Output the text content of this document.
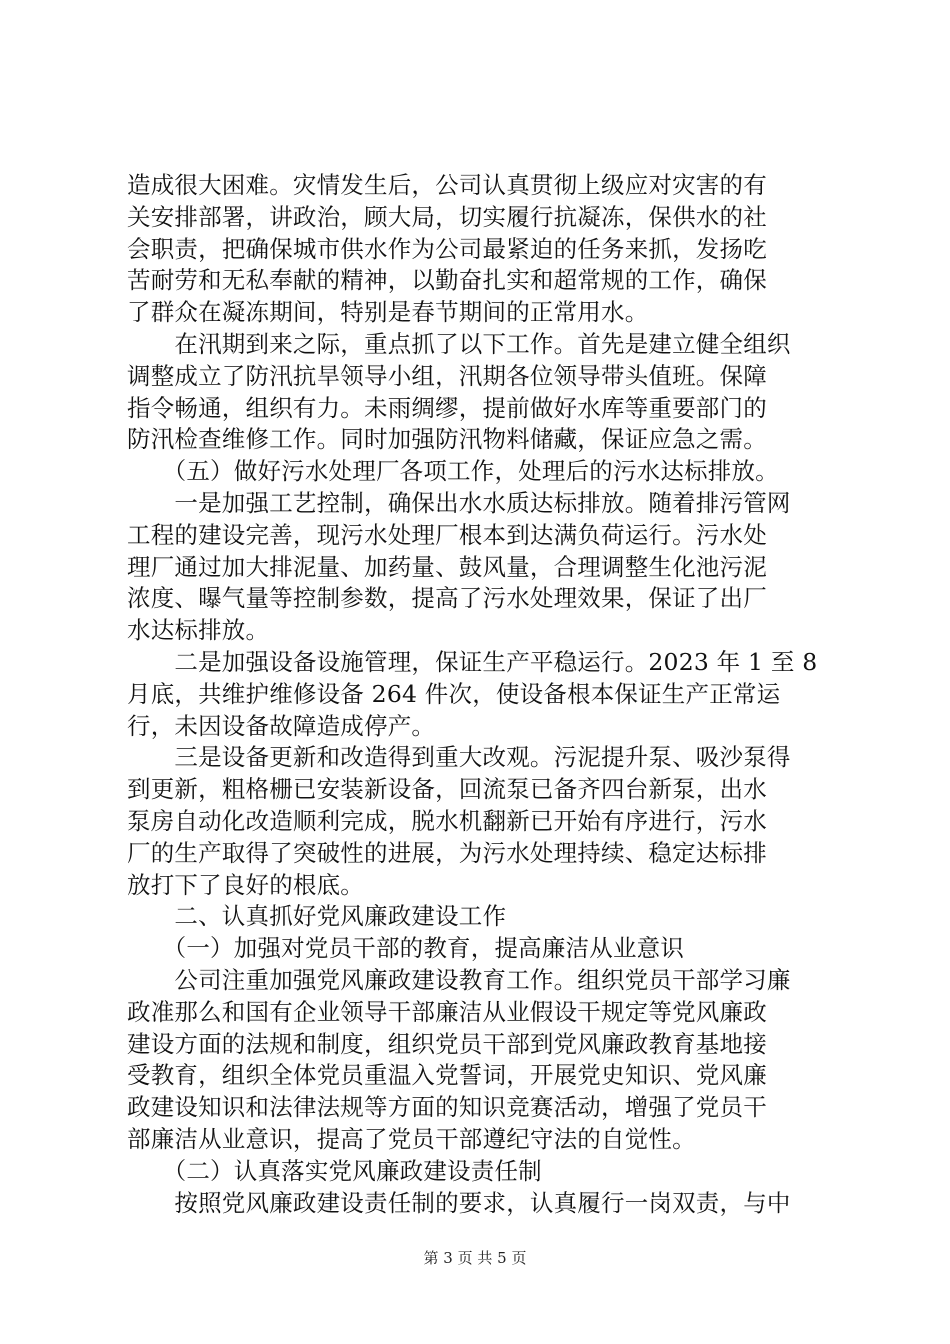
造成很大困难。灾情发生后，公司认真贯彻上级应对灾害的有
关安排部署，讲政治，顾大局，切实履行抗凝冻，保供水的社
会职责，把确保城市供水作为公司最紧迫的任务来抓，发扬吃
苦耐劳和无私奉献的精神，以勤奋扎实和超常规的工作，确保
了群众在凝冻期间，特别是春节期间的正常用水。
　　在汛期到来之际，重点抓了以下工作。首先是建立健全组织
调整成立了防汛抗旱领导小组，汛期各位领导带头值班。保障
指令畅通，组织有力。未雨绸缪，提前做好水库等重要部门的
防汛检查维修工作。同时加强防汛物料储藏，保证应急之需。
　　（五）做好污水处理厂各项工作，处理后的污水达标排放。
　　一是加强工艺控制，确保出水水质达标排放。随着排污管网
工程的建设完善，现污水处理厂根本到达满负荷运行。污水处
理厂通过加大排泥量、加药量、鼓风量，合理调整生化池污泥
浓度、曝气量等控制参数，提高了污水处理效果，保证了出厂
水达标排放。
　　二是加强设备设施管理，保证生产平稳运行。2023 年 1 至 8
月底，共维护维修设备 264 件次，使设备根本保证生产正常运
行，未因设备故障造成停产。
　　三是设备更新和改造得到重大改观。污泥提升泵、吸沙泵得
到更新，粗格栅已安装新设备，回流泵已备齐四台新泵，出水
泵房自动化改造顺利完成，脱水机翻新已开始有序进行，污水
厂的生产取得了突破性的进展，为污水处理持续、稳定达标排
放打下了良好的根底。
　　二、认真抓好党风廉政建设工作
　　（一）加强对党员干部的教育，提高廉洁从业意识
　　公司注重加强党风廉政建设教育工作。组织党员干部学习廉
政准那么和国有企业领导干部廉洁从业假设干规定等党风廉政
建设方面的法规和制度，组织党员干部到党风廉政教育基地接
受教育，组织全体党员重温入党誓词，开展党史知识、党风廉
政建设知识和法律法规等方面的知识竞赛活动，增强了党员干
部廉洁从业意识，提高了党员干部遵纪守法的自觉性。
　　（二）认真落实党风廉政建设责任制
　　按照党风廉政建设责任制的要求，认真履行一岗双责，与中
第 3 页 共 5 页
